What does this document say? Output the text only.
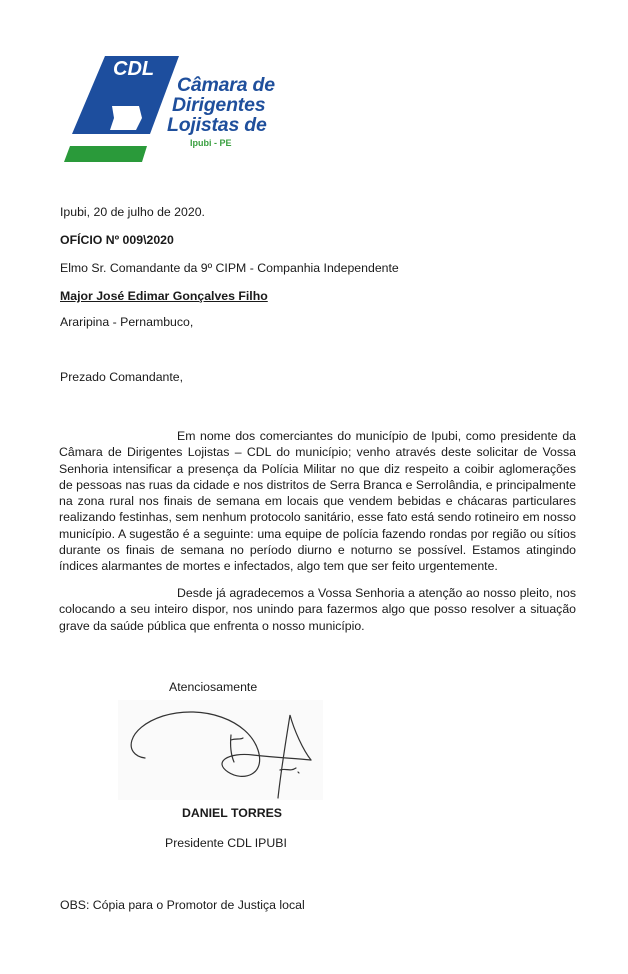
CDL
Câmara de
Dirigentes
Lojistas de
Ipubi - PE
Ipubi, 20 de julho de 2020.
OFÍCIO Nº 009\2020
Elmo Sr. Comandante da 9º CIPM - Companhia Independente
Major José Edimar Gonçalves Filho
Araripina - Pernambuco,
Prezado Comandante,
Em nome dos comerciantes do município de Ipubi, como presidente da Câmara de Dirigentes Lojistas – CDL do município; venho através deste solicitar de Vossa Senhoria intensificar a presença da Polícia Militar no que diz respeito a coibir aglomerações de pessoas nas ruas da cidade e nos distritos de Serra Branca e Serrolândia, e principalmente na zona rural nos finais de semana em locais que vendem bebidas e chácaras particulares realizando festinhas, sem nenhum protocolo sanitário, esse fato está sendo rotineiro em nosso município. A sugestão é a seguinte: uma equipe de polícia fazendo rondas por região ou sítios durante os finais de semana no período diurno e noturno se possível. Estamos atingindo índices alarmantes de mortes e infectados, algo tem que ser feito urgentemente.
Desde já agradecemos a Vossa Senhoria a atenção ao nosso pleito, nos colocando a seu inteiro dispor, nos unindo para fazermos algo que posso resolver a situação grave da saúde pública que enfrenta o nosso município.
Atenciosamente
DANIEL TORRES
Presidente CDL IPUBI
OBS: Cópia para o Promotor de Justiça local
